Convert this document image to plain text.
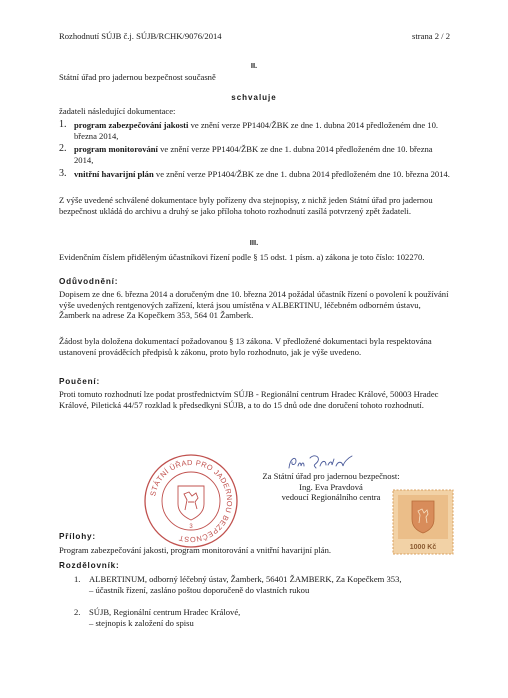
Rozhodnutí SÚJB č.j. SÚJB/RCHK/9076/2014	strana 2 / 2
II.
Státní úřad pro jadernou bezpečnost současně
schvaluje
žadateli následující dokumentace:
1. program zabezpečování jakosti ve znění verze PP1404/ŽBK ze dne 1. dubna 2014 předloženém dne 10. března 2014,
2. program monitorování ve znění verze PP1404/ŽBK ze dne 1. dubna 2014 předloženém dne 10. března 2014,
3. vnitřní havarijní plán ve znění verze PP1404/ŽBK ze dne 1. dubna 2014 předloženém dne 10. března 2014.
Z výše uvedené schválené dokumentace byly pořízeny dva stejnopisy, z nichž jeden Státní úřad pro jadernou bezpečnost ukládá do archivu a druhý se jako příloha tohoto rozhodnutí zasílá potvrzený zpět žadateli.
III.
Evidenčním číslem přiděleným účastníkovi řízení podle § 15 odst. 1 písm. a) zákona je toto číslo: 102270.
Odůvodnění:
Dopisem ze dne 6. března 2014 a doručeným dne 10. března 2014 požádal účastník řízení o povolení k používání výše uvedených rentgenových zařízení, která jsou umístěna v ALBERTINU, léčebném odborném ústavu, Žamberk na adrese Za Kopečkem 353, 564 01 Žamberk.
Žádost byla doložena dokumentací požadovanou § 13 zákona. V předložené dokumentaci byla respektována ustanovení prováděcích předpisů k zákonu, proto bylo rozhodnuto, jak je výše uvedeno.
Poučení:
Proti tomuto rozhodnutí lze podat prostřednictvím SÚJB - Regionální centrum Hradec Králové, 50003 Hradec Králové, Piletická 44/57 rozklad k předsedkyni SÚJB, a to do 15 dnů ode dne doručení tohoto rozhodnutí.
STÁTNÍ ÚŘAD PRO JADERNOU BEZPEČNOST
3
Za Státní úřad pro jadernou bezpečnost:
Ing. Eva Pravdová
vedoucí Regionálního centra
1000 Kč
Přílohy:
Program zabezpečování jakosti, program monitorování a vnitřní havarijní plán.
Rozdělovník:
1. ALBERTINUM, odborný léčebný ústav, Žamberk, 56401 ŽAMBERK, Za Kopečkem 353,
– účastník řízení, zasláno poštou doporučeně do vlastních rukou
2. SÚJB, Regionální centrum Hradec Králové,
– stejnopis k založení do spisu
